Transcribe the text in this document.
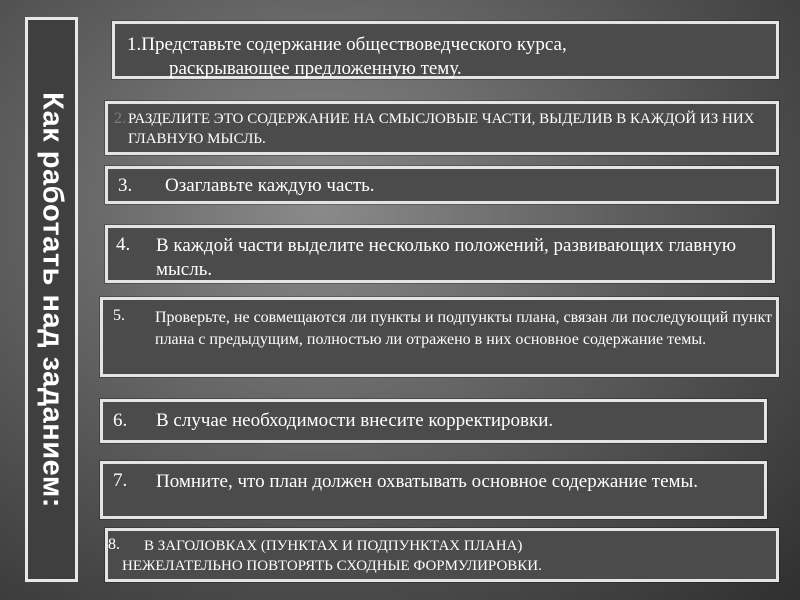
Как работать над заданием:
1.Представьте содержание обществоведческого курса,
раскрывающее предложенную тему.
2. РАЗДЕЛИТЕ ЭТО СОДЕРЖАНИЕ НА СМЫСЛОВЫЕ ЧАСТИ, ВЫДЕЛИВ В КАЖДОЙ ИЗ НИХ ГЛАВНУЮ МЫСЛЬ.
3. Озаглавьте каждую часть.
4. В каждой части выделите несколько положений, развивающих главную мысль.
5. Проверьте, не совмещаются ли пункты и подпункты плана, связан ли последующий пункт плана с предыдущим, полностью ли отражено в них основное содержание темы.
6. В случае необходимости внесите корректировки.
7. Помните, что план должен охватывать основное содержание темы.
8.	В ЗАГОЛОВКАХ (ПУНКТАХ И ПОДПУНКТАХ ПЛАНА)
НЕЖЕЛАТЕЛЬНО ПОВТОРЯТЬ СХОДНЫЕ ФОРМУЛИРОВКИ.
